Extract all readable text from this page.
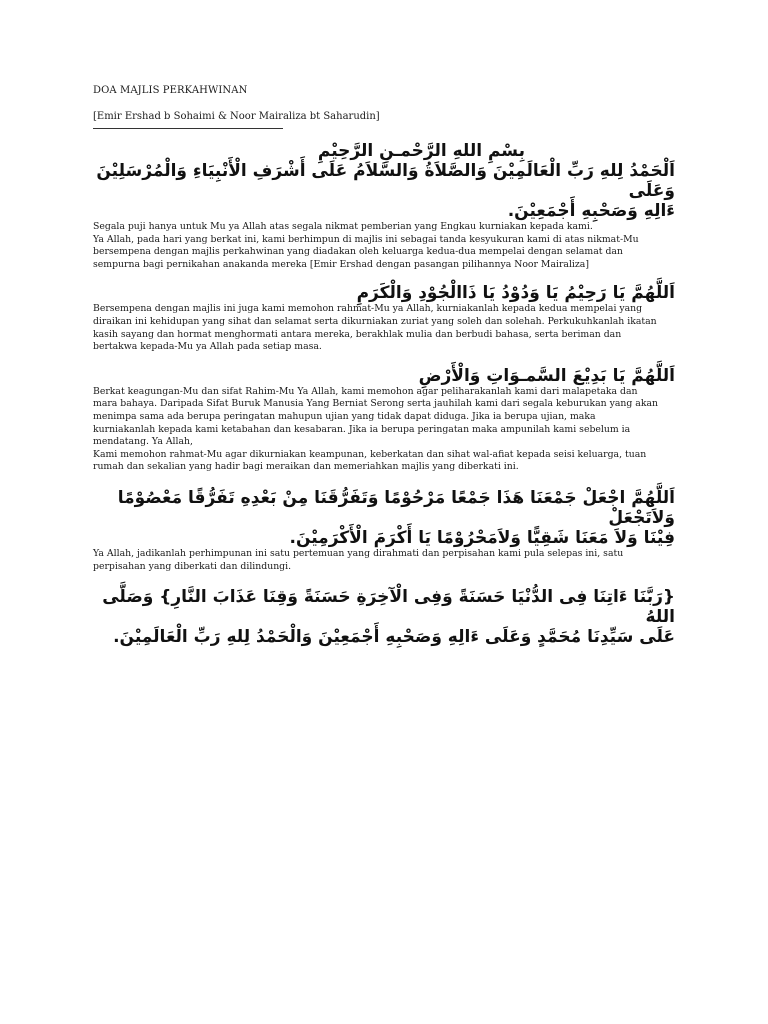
DOA MAJLIS PERKAHWINAN
[Emir Ershad b Sohaimi & Noor Mairaliza bt Saharudin]
بِسْمِ اللهِ الرَّحْمـنِ الرَّحِيْمِ
اَلْحَمْدُ لِلهِ رَبِّ الْعَالَمِيْنَ وَالصَّلاَةُ وَالسَّلاَمُ عَلَى أَشْرَفِ الْأَنْبِيَاءِ وَالْمُرْسَلِيْنَ وَعَلَى
ءَالِهِ وَصَحْبِهِ أَجْمَعِيْنَ.

Segala puji hanya untuk Mu ya Allah atas segala nikmat pemberian yang Engkau kurniakan kepada kami.

Ya Allah, pada hari yang berkat ini, kami berhimpun di majlis ini sebagai tanda kesyukuran kami di atas nikmat-Mu

bersempena dengan majlis perkahwinan yang diadakan oleh keluarga kedua-dua mempelai dengan selamat dan

sempurna bagi pernikahan anakanda mereka [Emir Ershad dengan pasangan pilihannya Noor Mairaliza]

اَللَّهُمَّ يَا رَحِيْمُ يَا وَدُوْدُ يَا ذَاالْجُوْدِ وَالْكَرَمِ

Bersempena dengan majlis ini juga kami memohon rahmat-Mu ya Allah, kurniakanlah kepada kedua mempelai yang

diraikan ini kehidupan yang sihat dan selamat serta dikurniakan zuriat yang soleh dan solehah. Perkukuhkanlah ikatan

kasih sayang dan hormat menghormati antara mereka, berakhlak mulia dan berbudi bahasa, serta beriman dan

bertakwa kepada-Mu ya Allah pada setiap masa.

اَللَّهُمَّ يَا بَدِيْعَ السَّمـوَاتِ وَالْأَرْضِ

Berkat keagungan-Mu dan sifat Rahim-Mu Ya Allah, kami memohon agar peliharakanlah kami dari malapetaka dan

mara bahaya. Daripada Sifat Buruk Manusia Yang Berniat Serong serta jauhilah kami dari segala keburukan yang akan

menimpa sama ada berupa peringatan mahupun ujian yang tidak dapat diduga. Jika ia berupa ujian, maka

kurniakanlah kepada kami ketabahan dan kesabaran. Jika ia berupa peringatan maka ampunilah kami sebelum ia

mendatang. Ya Allah,

Kami memohon rahmat-Mu agar dikurniakan keampunan, keberkatan dan sihat wal-afiat kepada seisi keluarga, tuan

rumah dan sekalian yang hadir bagi meraikan dan memeriahkan majlis yang diberkati ini.

اَللَّهُمَّ اجْعَلْ جَمْعَنَا هَذَا جَمْعًا مَرْحُوْمًا وَتَفَرُّقَنَا مِنْ بَعْدِهِ تَفَرُّقًا مَعْصُوْمًا وَلاَتَجْعَلْ
فِيْنَا وَلاَ مَعَنَا شَقِيًّا وَلاَمَحْرُوْمًا يَا أَكْرَمَ الْأَكْرَمِيْنَ.

Ya Allah, jadikanlah perhimpunan ini satu pertemuan yang dirahmati dan perpisahan kami pula selepas ini, satu

perpisahan yang diberkati dan dilindungi.

{رَبَّنَا ءَاتِنَا فِى الدُّنْيَا حَسَنَةً وَفِى الْآخِرَةِ حَسَنَةً وَقِنَا عَذَابَ النَّارِ} وَصَلَّى اللهُ
عَلَى سَيِّدِنَا مُحَمَّدٍ وَعَلَى ءَالِهِ وَصَحْبِهِ أَجْمَعِيْنَ وَالْحَمْدُ لِلهِ رَبِّ الْعَالَمِيْنَ.
